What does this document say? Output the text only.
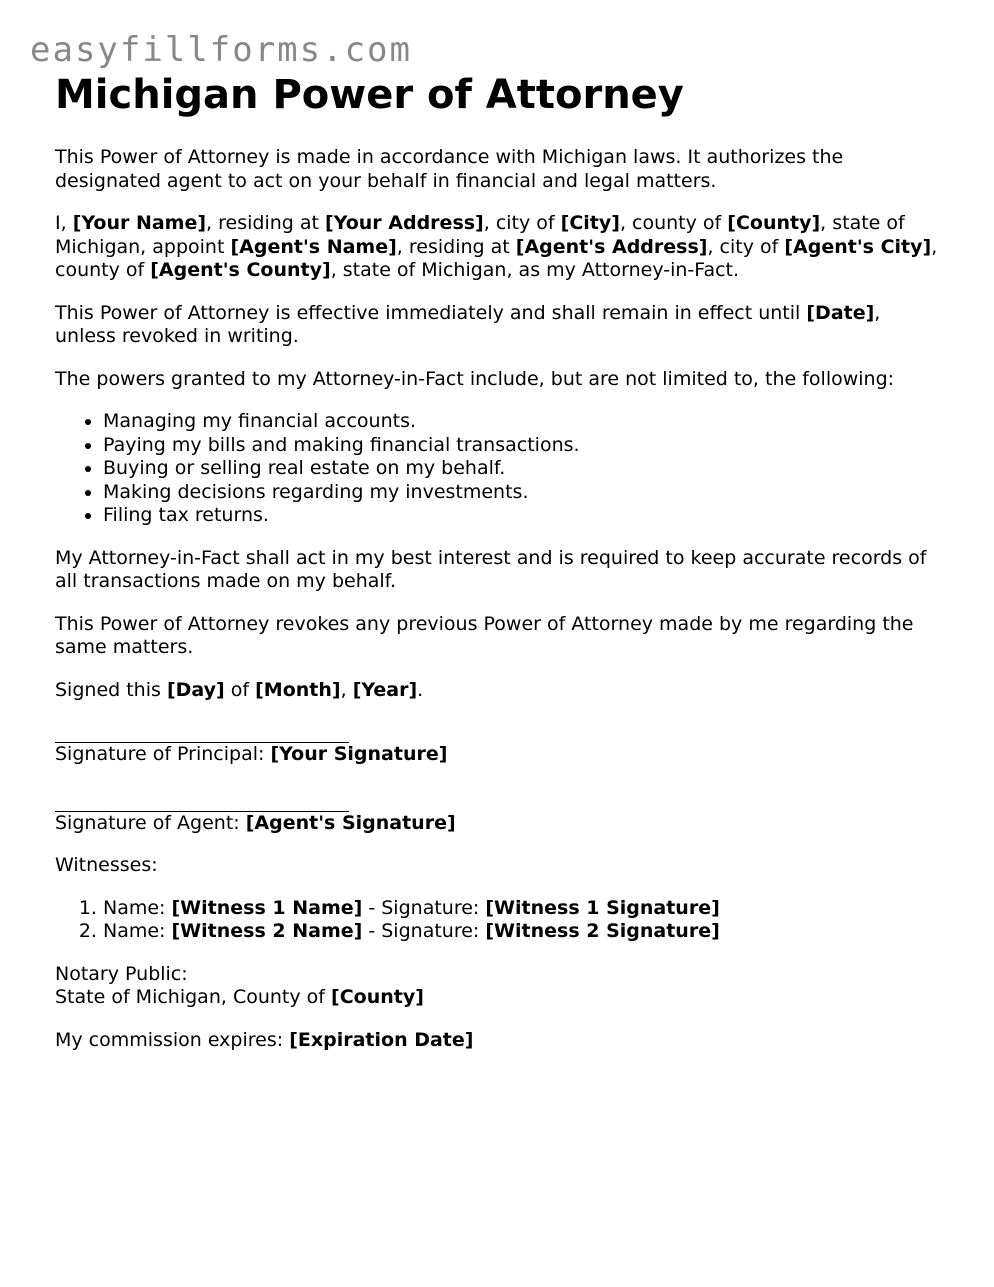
easyfillforms.com
Michigan Power of Attorney

This Power of Attorney is made in accordance with Michigan laws. It authorizes the designated agent to act on your behalf in financial and legal matters.

I, [Your Name], residing at [Your Address], city of [City], county of [County], state of Michigan, appoint [Agent's Name], residing at [Agent's Address], city of [Agent's City], county of [Agent's County], state of Michigan, as my Attorney-in-Fact.

This Power of Attorney is effective immediately and shall remain in effect until [Date], unless revoked in writing.

The powers granted to my Attorney-in-Fact include, but are not limited to, the following:

• Managing my financial accounts.
• Paying my bills and making financial transactions.
• Buying or selling real estate on my behalf.
• Making decisions regarding my investments.
• Filing tax returns.

My Attorney-in-Fact shall act in my best interest and is required to keep accurate records of all transactions made on my behalf.

This Power of Attorney revokes any previous Power of Attorney made by me regarding the same matters.

Signed this [Day] of [Month], [Year].

Signature of Principal: [Your Signature]
Signature of Agent: [Agent's Signature]

Witnesses:

1. Name: [Witness 1 Name] - Signature: [Witness 1 Signature]
2. Name: [Witness 2 Name] - Signature: [Witness 2 Signature]

Notary Public:
State of Michigan, County of [County]

My commission expires: [Expiration Date]
